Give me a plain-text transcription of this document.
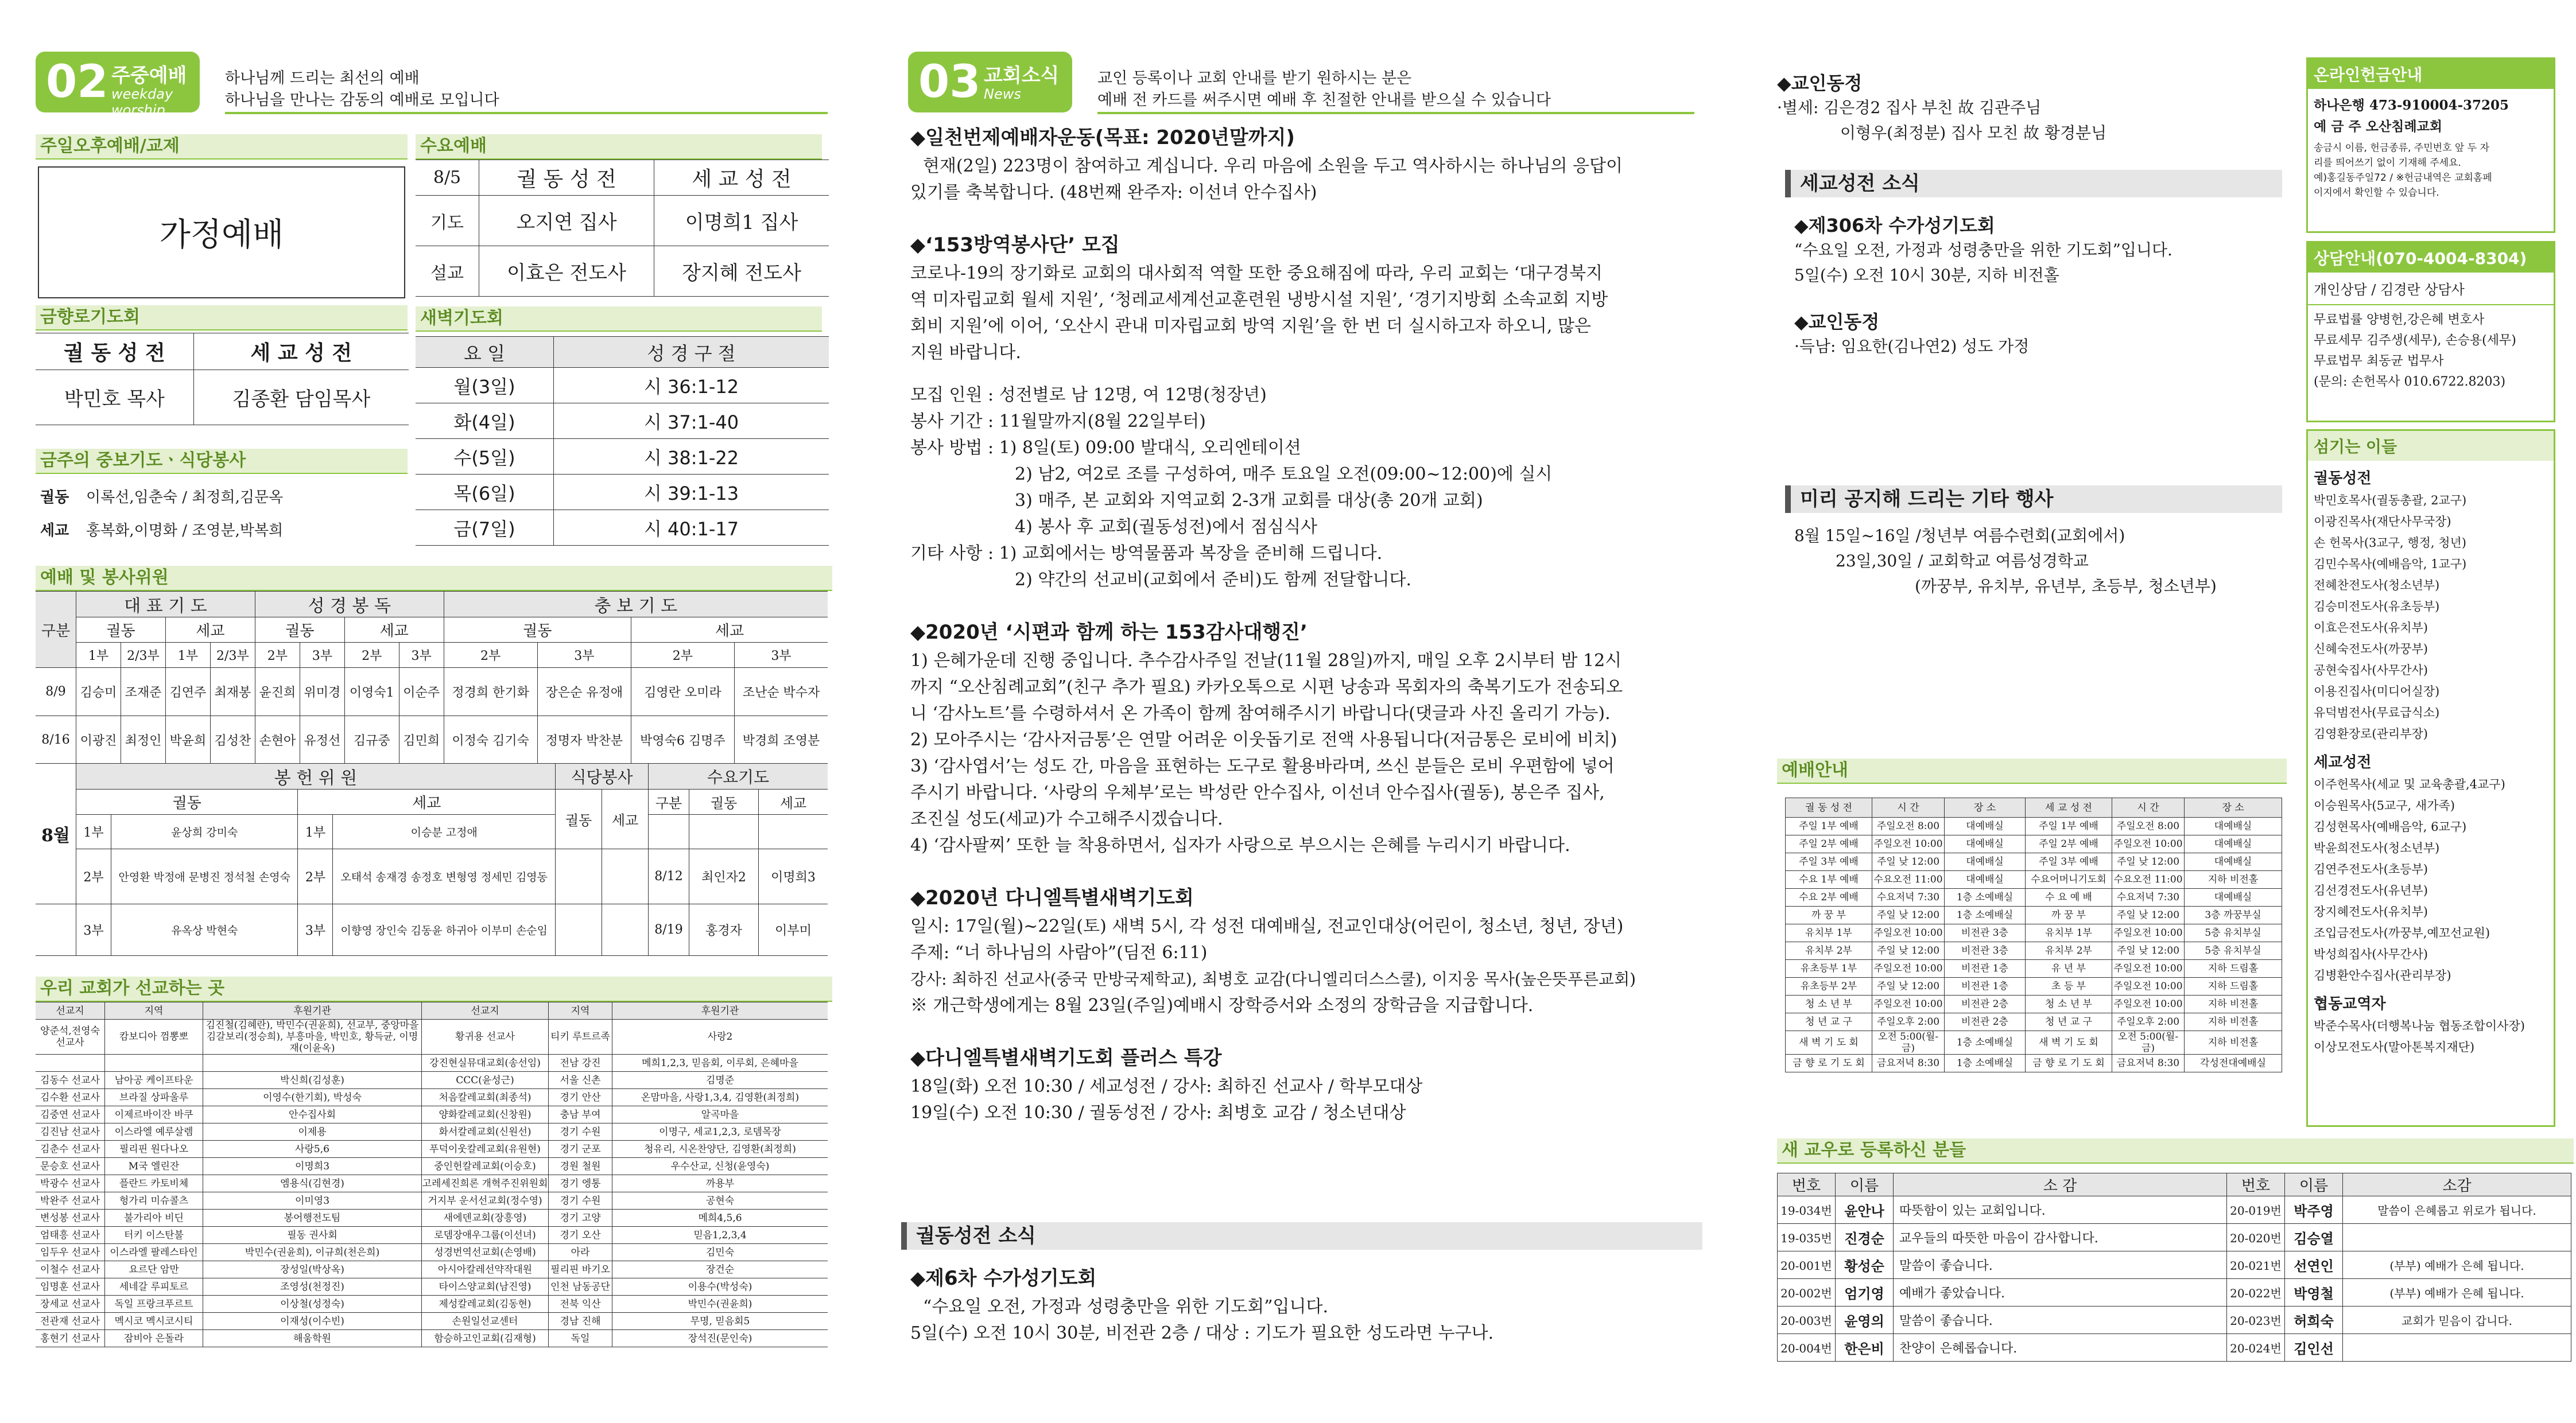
02 주중예배
weekday worship
하나님께 드리는 최선의 예배
하나님을 만나는 감동의 예배로 모입니다
주일오후예배/교제
가정예배
수요예배
8/5	궐 동 성 전	세 교 성 전
기도	오지연 집사	이명희1 집사
설교	이효은 전도사	장지혜 전도사
금향로기도회
궐 동 성 전	세 교 성 전
박민호 목사	김종환 담임목사
새벽기도회
요 일	성 경 구 절
월(3일)	시 36:1-12
화(4일)	시 37:1-40
수(5일)	시 38:1-22
목(6일)	시 39:1-13
금(7일)	시 40:1-17
금주의 중보기도ㆍ식당봉사
궐동 이록선,임춘숙 / 최정희,김문옥
세교 홍복화,이명화 / 조영분,박복희
예배 및 봉사위원
구분	대 표 기 도				성 경 봉 독				충 보 기 도			
	궐동		세교		궐동		세교		궐동		세교	
	1부	2/3부	1부	2/3부	2부	3부	2부	3부	2부	3부	2부	3부
8/9	김승미	조재준	김연주	최재봉	윤진희	위미경	이영숙1	이순주	정경희 한기화	장은순 유정애	김영란 오미라	조난순 박수자
8/16	이광진	최정인	박윤희	김성찬	손현아	유정선	김규중	김민희	이정숙 김기숙	정명자 박찬분	박영숙6 김명주	박경희 조영분
8월	봉 헌 위 원				식당봉사		수요기도		
	궐동		세교		궐동	세교	구분	궐동	세교
	1부	윤상희 강미숙	1부	이승분 고정애					
	2부	안영환 박정애 문병진 정석철 손영숙	2부	오태석 송재경 송정호 변형영 정세민 김영동			8/12	최인자2	이명희3
	3부	유옥상 박현숙	3부	이향영 장인숙 김동윤 하귀아 이부미 손순임			8/19	홍경자	이부미
우리 교회가 선교하는 곳
선교지	지역	후원기관	선교지	지역	후원기관
양준석,전영숙 선교사	캄보디아 껌뽕뽀	김진철(김혜란), 박민수(권윤희), 선교부, 중앙마을 김갈보리(정승희), 부흥마을, 박민호, 황득균, 이명재(이윤옥)	황귀용 선교사	티키 루트르족	사랑2
			강진현실뮤대교회(송선임)	전남 강진	메희1,2,3, 믿음회, 이루회, 은혜마을
김동수 선교사	남아공 케이프타운	박신희(김성훈)	CCC(윤성근)	서울 신촌	김명준
김수환 선교사	브라질 상파울루	이영수(한기회), 박성숙	처음칼레교회(최종석)	경기 안산	온맘마을, 사랑1,3,4, 김영환(최정희)
김중연 선교사	이제르바이잔 바쿠	안수집사회	양화칼레교회(신창원)	충남 부여	알곡마을
김진남 선교사	이스라엘 예루살렘	이제용	화서칼레교회(신원선)	경기 수원	이명구, 세교1,2,3, 로뎀목장
김춘수 선교사	필리핀 원다나오	사랑5,6	푸덕이웃칼레교회(유원현)	경기 군포	청유리, 시온찬양단, 김영환(최정희)
문승호 선교사	M국 엘린잔	이명희3	중인헌칼레교회(이승호)	경원 철원	우수산교, 신청(윤영숙)
박광수 선교사	플란드 카토비체	엠용식(김현경)	고레세진희론 개혁주진위원회	경기 엥통	까용부
박완주 선교사	헝가리 미슈콜츠	이미영3	거지부 운서선교회(정수영)	경기 수원	공현숙
변성봉 선교사	불가리아 비딘	봉어행전도팀	새에덴교회(장흥영)	경기 고양	메희4,5,6
엄태흥 선교사	터키 이스탄불	필동 권사회	로뎀장애우그룹(이선녀)	경기 오산	믿음1,2,3,4
임두우 선교사	이스라엘 팔레스타인	박민수(권윤희), 이규희(천은희)	성경번역선교회(손영배)	아라	김민숙
이철수 선교사	요르단 암만	장성일(박상옥)	아시아칼레선약작대원	필리핀 바기오	장건순
임명훈 선교사	세네갈 루피토르	조영성(천정진)	타이스양교회(남진영)	인천 남동공단	이용수(박성숙)
장세교 선교사	독일 프랑크푸르트	이상철(성정숙)	제성칼레교회(김동현)	전북 익산	박민수(권윤희)
전관재 선교사	멕시코 멕시코시티	이재성(이수빈)	손원일선교센터	경남 진해	무명, 믿음회5
홍현기 선교사	잠비아 은돌라	해움학원	함승하고인교회(김재형)	독일	장석진(문인숙)
03 교회소식
News
교인 등록이나 교회 안내를 받기 원하시는 분은
예배 전 카드를 써주시면 예배 후 친절한 안내를 받으실 수 있습니다
◆일천번제예배자운동(목표: 2020년말까지)
현재(2일) 223명이 참여하고 계십니다. 우리 마음에 소원을 두고 역사하시는 하나님의 응답이
있기를 축복합니다. (48번째 완주자: 이선녀 안수집사)
◆‘153방역봉사단’ 모집
코로나-19의 장기화로 교회의 대사회적 역할 또한 중요해짐에 따라, 우리 교회는 ‘대구경북지
역 미자립교회 월세 지원’, ‘청레교세계선교훈련원 냉방시설 지원’, ‘경기지방회 소속교회 지방
회비 지원’에 이어, ‘오산시 관내 미자립교회 방역 지원’을 한 번 더 실시하고자 하오니, 많은
지원 바랍니다.
모집 인원 : 성전별로 남 12명, 여 12명(청장년)
봉사 기간 : 11월말까지(8월 22일부터)
봉사 방법 : 1) 8일(토) 09:00 발대식, 오리엔테이션
2) 남2, 여2로 조를 구성하여, 매주 토요일 오전(09:00~12:00)에 실시
3) 매주, 본 교회와 지역교회 2-3개 교회를 대상(총 20개 교회)
4) 봉사 후 교회(궐동성전)에서 점심식사
기타 사항 : 1) 교회에서는 방역물품과 복장을 준비해 드립니다.
2) 약간의 선교비(교회에서 준비)도 함께 전달합니다.
◆2020년 ‘시편과 함께 하는 153감사대행진’
1) 은혜가운데 진행 중입니다. 추수감사주일 전날(11월 28일)까지, 매일 오후 2시부터 밤 12시
까지 “오산침례교회”(친구 추가 필요) 카카오톡으로 시편 낭송과 목회자의 축복기도가 전송되오
니 ‘감사노트’를 수령하셔서 온 가족이 함께 참여해주시기 바랍니다(댓글과 사진 올리기 가능).
2) 모아주시는 ‘감사저금통’은 연말 어려운 이웃돕기로 전액 사용됩니다(저금통은 로비에 비치)
3) ‘감사엽서’는 성도 간, 마음을 표현하는 도구로 활용바라며, 쓰신 분들은 로비 우편함에 넣어
주시기 바랍니다. ‘사랑의 우체부’로는 박성란 안수집사, 이선녀 안수집사(궐동), 봉은주 집사,
조진실 성도(세교)가 수고해주시겠습니다.
4) ‘감사팔찌’ 또한 늘 착용하면서, 십자가 사랑으로 부으시는 은혜를 누리시기 바랍니다.
◆2020년 다니엘특별새벽기도회
일시: 17일(월)~22일(토) 새벽 5시, 각 성전 대예배실, 전교인대상(어린이, 청소년, 청년, 장년)
주제: “너 하나님의 사람아”(딤전 6:11)
강사: 최하진 선교사(중국 만방국제학교), 최병호 교감(다니엘리더스스쿨), 이지웅 목사(높은뜻푸른교회)
※ 개근학생에게는 8월 23일(주일)예배시 장학증서와 소정의 장학금을 지급합니다.
◆다니엘특별새벽기도회 플러스 특강
18일(화) 오전 10:30 / 세교성전 / 강사: 최하진 선교사 / 학부모대상
19일(수) 오전 10:30 / 궐동성전 / 강사: 최병호 교감 / 청소년대상
궐동성전 소식
◆제6차 수가성기도회
“수요일 오전, 가정과 성령충만을 위한 기도회”입니다.
5일(수) 오전 10시 30분, 비전관 2층 / 대상 : 기도가 필요한 성도라면 누구나.
◆교인동정
·별세: 김은경2 집사 부친 故 김관주님
이형우(최정분) 집사 모친 故 황경분님
세교성전 소식
◆제306차 수가성기도회
“수요일 오전, 가정과 성령충만을 위한 기도회”입니다.
5일(수) 오전 10시 30분, 지하 비전홀
◆교인동정
·득남: 임요한(김나연2) 성도 가정
미리 공지해 드리는 기타 행사
8월 15일~16일 /청년부 여름수련회(교회에서)
23일,30일 / 교회학교 여름성경학교
(까꿍부, 유치부, 유년부, 초등부, 청소년부)
예배안내
궐 동 성 전	시 간	장 소	세 교 성 전	시 간	장 소
주일 1부 예배	주일오전 8:00	대예배실	주일 1부 예배	주일오전 8:00	대예배실
주일 2부 예배	주일오전 10:00	대예배실	주일 2부 예배	주일오전 10:00	대예배실
주일 3부 예배	주일 낮 12:00	대예배실	주일 3부 예배	주일 낮 12:00	대예배실
수요 1부 예배	수요오전 11:00	대예배실	수요어머니기도회	수요오전 11:00	지하 비전홀
수요 2부 예배	수요저녁 7:30	1층 소예배실	수 요 예 배	수요저녁 7:30	대예배실
까 꿍 부	주일 낮 12:00	1층 소예배실	까 꿍 부	주일 낮 12:00	3층 까꿍부실
유치부 1부	주일오전 10:00	비전관 3층	유치부 1부	주일오전 10:00	5층 유치부실
유치부 2부	주일 낮 12:00	비전관 3층	유치부 2부	주일 낮 12:00	5층 유치부실
유초등부 1부	주일오전 10:00	비전관 1층	유 년 부	주일오전 10:00	지하 드림홀
유초등부 2부	주일 낮 12:00	비전관 1층	초 등 부	주일오전 10:00	지하 드림홀
청 소 년 부	주일오전 10:00	비전관 2층	청 소 년 부	주일오전 10:00	지하 비전홀
청 년 교 구	주일오후 2:00	비전관 2층	청 년 교 구	주일오후 2:00	지하 비전홀
새 벽 기 도 회	오전 5:00(월-금)	1층 소예배실	새 벽 기 도 회	오전 5:00(월-금)	지하 비전홀
금 향 로 기 도 회	금요저녁 8:30	1층 소예배실	금 향 로 기 도 회	금요저녁 8:30	각성전대예배실
새 교우로 등록하신 분들
번호	이름	소 감	번호	이름	소감
19-034번	윤안나	따뜻함이 있는 교회입니다.	20-019번	박주영	말씀이 은혜롭고 위로가 됩니다.
19-035번	진경순	교우들의 따뜻한 마음이 감사합니다.	20-020번	김승열	
20-001번	황성순	말씀이 좋습니다.	20-021번	선연인	(부부) 예배가 은혜 됩니다.
20-002번	엄기영	예배가 좋았습니다.	20-022번	박영철	(부부) 예배가 은혜 됩니다.
20-003번	윤영의	말씀이 좋습니다.	20-023번	허희숙	교회가 믿음이 갑니다.
20-004번	한은비	찬양이 은혜롭습니다.	20-024번	김인선	
온라인헌금안내
하나은행 473-910004-37205
예 금 주 오산침례교회
송금시 이름, 헌금종류, 주민번호 앞 두 자
리를 띄어쓰기 없이 기재해 주세요.
예)홍길동주일72 / ※헌금내역은 교회홈페
이지에서 확인할 수 있습니다.
상담안내(070-4004-8304)
개인상담 / 김경란 상담사
무료법률 양병헌,강은혜 변호사
무료세무 김주생(세무), 손승용(세무)
무료법무 최동균 법무사
(문의: 손헌목사 010.6722.8203)
섬기는 이들
궐동성전
박민호목사(궐동총괄, 2교구)
이광진목사(재단사무국장)
손 헌목사(3교구, 행정, 청년)
김민수목사(예배음악, 1교구)
전혜찬전도사(청소년부)
김승미전도사(유초등부)
이효은전도사(유치부)
신혜숙전도사(까꿍부)
공현숙집사(사무간사)
이용진집사(미디어실장)
유덕범전사(무료급식소)
김영환장로(관리부장)
세교성전
이주헌목사(세교 및 교육총괄,4교구)
이승원목사(5교구, 새가족)
김성현목사(예배음악, 6교구)
박윤희전도사(청소년부)
김연주전도사(초등부)
김선경전도사(유년부)
장지혜전도사(유치부)
조입금전도사(까꿍부,예꼬선교원)
박성희집사(사무간사)
김병환안수집사(관리부장)
협동교역자
박준수목사(더행복나눔 협동조합이사장)
이상모전도사(말아톤복지재단)
